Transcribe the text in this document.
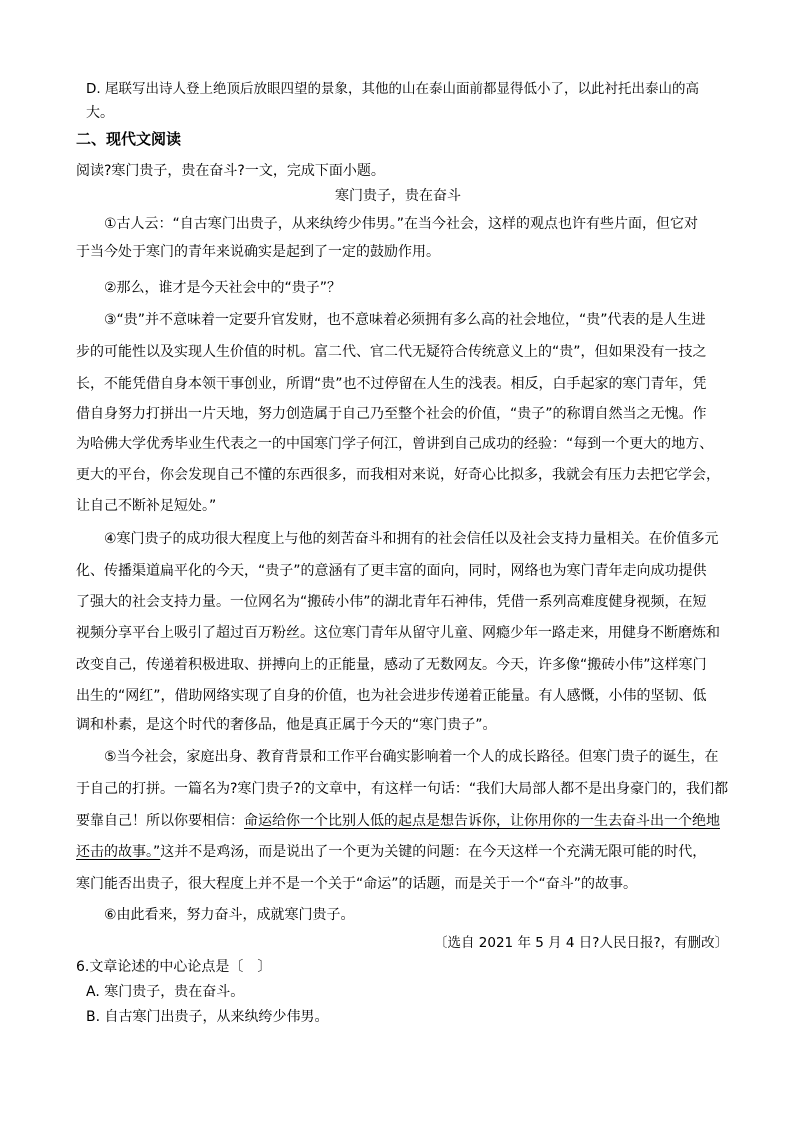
D. 尾联写出诗人登上绝顶后放眼四望的景象，其他的山在泰山面前都显得低小了，以此衬托出泰山的高
大。
二、现代文阅读
阅读?寒门贵子，贵在奋斗?一文，完成下面小题。
寒门贵子，贵在奋斗
①古人云：“自古寒门出贵子，从来纨绔少伟男。”在当今社会，这样的观点也许有些片面，但它对
于当今处于寒门的青年来说确实是起到了一定的鼓励作用。
②那么，谁才是今天社会中的“贵子”？
③“贵”并不意味着一定要升官发财，也不意味着必须拥有多么高的社会地位，“贵”代表的是人生进
步的可能性以及实现人生价值的时机。富二代、官二代无疑符合传统意义上的“贵”，但如果没有一技之
长，不能凭借自身本领干事创业，所谓“贵”也不过停留在人生的浅表。相反，白手起家的寒门青年，凭
借自身努力打拼出一片天地，努力创造属于自己乃至整个社会的价值，“贵子”的称谓自然当之无愧。作
为哈佛大学优秀毕业生代表之一的中国寒门学子何江，曾讲到自己成功的经验：“每到一个更大的地方、
更大的平台，你会发现自己不懂的东西很多，而我相对来说，好奇心比拟多，我就会有压力去把它学会，
让自己不断补足短处。”
④寒门贵子的成功很大程度上与他的刻苦奋斗和拥有的社会信任以及社会支持力量相关。在价值多元
化、传播渠道扁平化的今天，“贵子”的意涵有了更丰富的面向，同时，网络也为寒门青年走向成功提供
了强大的社会支持力量。一位网名为“搬砖小伟”的湖北青年石神伟，凭借一系列高难度健身视频，在短
视频分享平台上吸引了超过百万粉丝。这位寒门青年从留守儿童、网瘾少年一路走来，用健身不断磨炼和
改变自己，传递着积极进取、拼搏向上的正能量，感动了无数网友。今天，许多像“搬砖小伟”这样寒门
出生的“网红”，借助网络实现了自身的价值，也为社会进步传递着正能量。有人感慨，小伟的坚韧、低
调和朴素，是这个时代的奢侈品，他是真正属于今天的“寒门贵子”。
⑤当今社会，家庭出身、教育背景和工作平台确实影响着一个人的成长路径。但寒门贵子的诞生，在
于自己的打拼。一篇名为?寒门贵子?的文章中，有这样一句话：“我们大局部人都不是出身豪门的，我们都
要靠自己！所以你要相信：命运给你一个比别人低的起点是想告诉你，让你用你的一生去奋斗出一个绝地
还击的故事。”这并不是鸡汤，而是说出了一个更为关键的问题：在今天这样一个充满无限可能的时代，
寒门能否出贵子，很大程度上并不是一个关于“命运”的话题，而是关于一个“奋斗”的故事。
⑥由此看来，努力奋斗，成就寒门贵子。
〔选自 2021 年 5 月 4 日?人民日报?，有删改〕
6.文章论述的中心论点是〔　〕
A. 寒门贵子，贵在奋斗。
B. 自古寒门出贵子，从来纨绔少伟男。
